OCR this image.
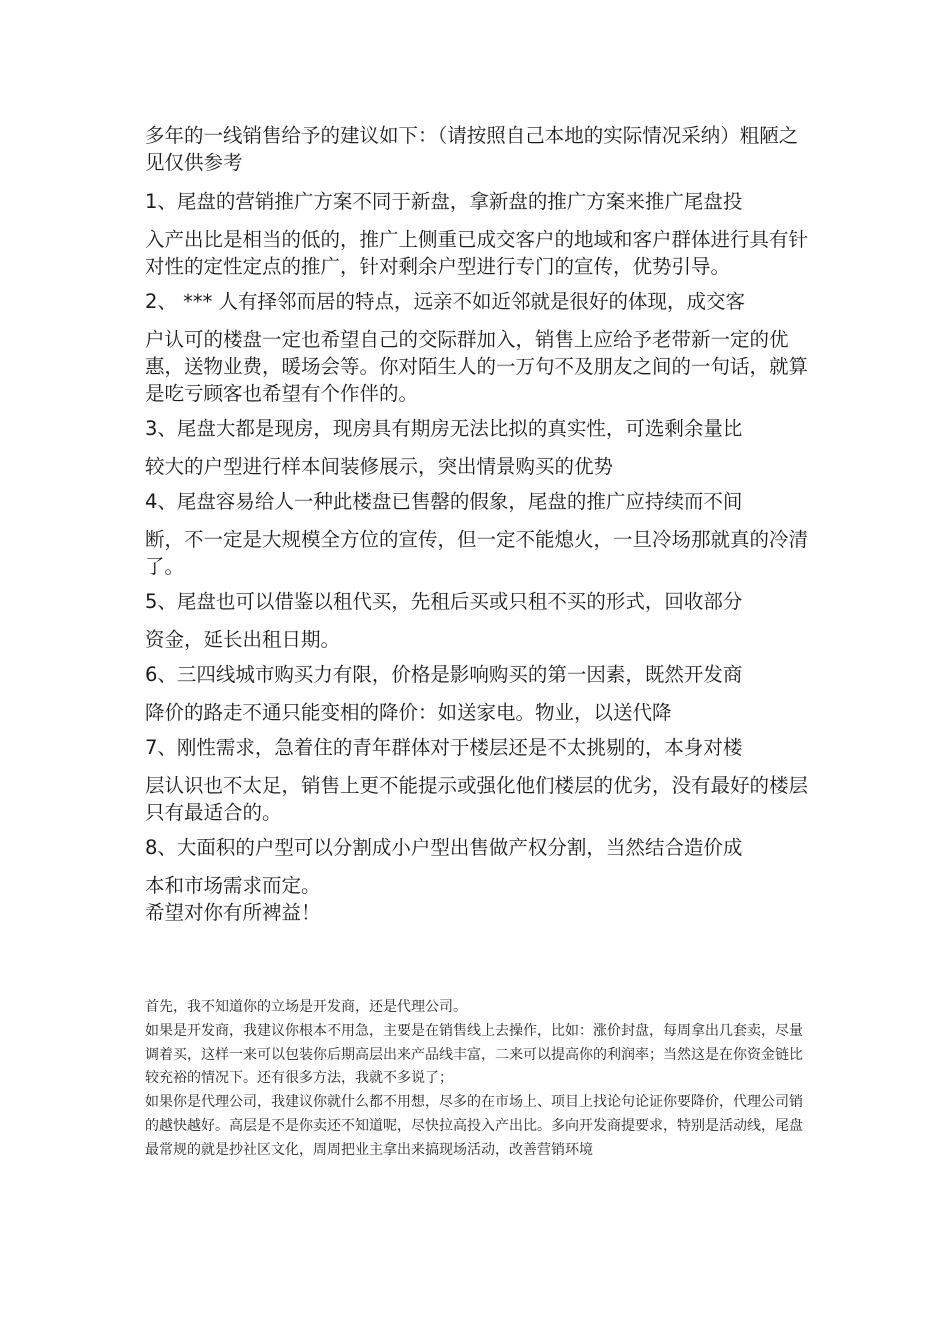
多年的一线销售给予的建议如下：（请按照自己本地的实际情况采纳）粗陋之见仅供参考

1、尾盘的营销推广方案不同于新盘，拿新盘的推广方案来推广尾盘投
入产出比是相当的低的，推广上侧重已成交客户的地域和客户群体进行具有针对性的定性定点的推广，针对剩余户型进行专门的宣传，优势引导。

2、 *** 人有择邻而居的特点，远亲不如近邻就是很好的体现，成交客
户认可的楼盘一定也希望自己的交际群加入，销售上应给予老带新一定的优惠，送物业费，暖场会等。你对陌生人的一万句不及朋友之间的一句话，就算是吃亏顾客也希望有个作伴的。

3、尾盘大都是现房，现房具有期房无法比拟的真实性，可选剩余量比
较大的户型进行样本间装修展示，突出情景购买的优势

4、尾盘容易给人一种此楼盘已售罄的假象，尾盘的推广应持续而不间
断，不一定是大规模全方位的宣传，但一定不能熄火，一旦冷场那就真的冷清了。

5、尾盘也可以借鉴以租代买，先租后买或只租不买的形式，回收部分
资金，延长出租日期。

6、三四线城市购买力有限，价格是影响购买的第一因素，既然开发商
降价的路走不通只能变相的降价：如送家电。物业，以送代降

7、刚性需求，急着住的青年群体对于楼层还是不太挑剔的，本身对楼
层认识也不太足，销售上更不能提示或强化他们楼层的优劣，没有最好的楼层只有最适合的。

8、大面积的户型可以分割成小户型出售做产权分割，当然结合造价成
本和市场需求而定。

希望对你有所裨益！

首先，我不知道你的立场是开发商，还是代理公司。

如果是开发商，我建议你根本不用急，主要是在销售线上去操作，比如：涨价封盘，每周拿出几套卖，尽量调着买，这样一来可以包装你后期高层出来产品线丰富，二来可以提高你的利润率；当然这是在你资金链比较充裕的情况下。还有很多方法，我就不多说了；

如果你是代理公司，我建议你就什么都不用想，尽多的在市场上、项目上找论句论证你要降价，代理公司销的越快越好。高层是不是你卖还不知道呢，尽快拉高投入产出比。多向开发商提要求，特别是活动线，尾盘最常规的就是抄社区文化，周周把业主拿出来搞现场活动，改善营销环境
